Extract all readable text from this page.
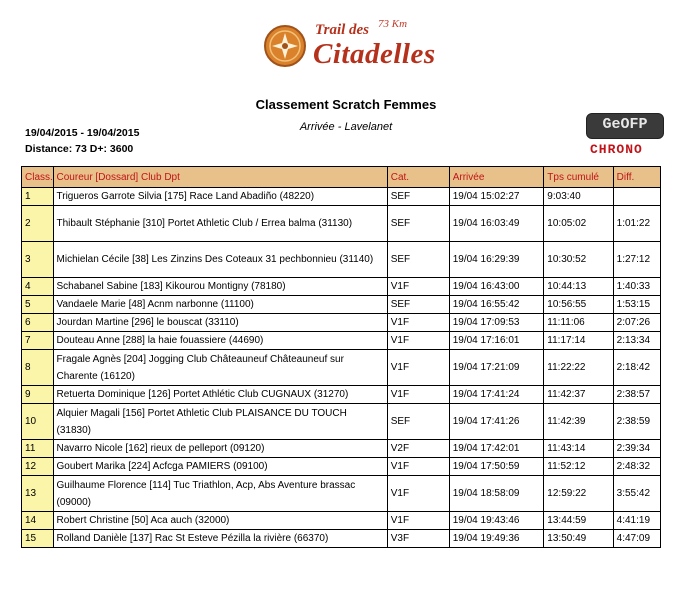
Trail des 73 Km
Citadelles
Classement Scratch Femmes
Arrivée - Lavelanet
19/04/2015 - 19/04/2015
Distance: 73 D+: 3600
GeOFP
CHRONO
Class.	Coureur [Dossard] Club Dpt	Cat.	Arrivée	Tps cumulé	Diff.
1	Trigueros Garrote Silvia [175] Race Land Abadiño (48220)	SEF	19/04 15:02:27	9:03:40	
2	Thibault Stéphanie [310] Portet Athletic Club / Errea balma (31130)	SEF	19/04 16:03:49	10:05:02	1:01:22
3	Michielan Cécile [38] Les Zinzins Des Coteaux 31 pechbonnieu (31140)	SEF	19/04 16:29:39	10:30:52	1:27:12
4	Schabanel Sabine [183] Kikourou Montigny (78180)	V1F	19/04 16:43:00	10:44:13	1:40:33
5	Vandaele Marie [48] Acnm narbonne (11100)	SEF	19/04 16:55:42	10:56:55	1:53:15
6	Jourdan Martine [296] le bouscat (33110)	V1F	19/04 17:09:53	11:11:06	2:07:26
7	Douteau Anne [288] la haie fouassiere (44690)	V1F	19/04 17:16:01	11:17:14	2:13:34
8	Fragale Agnès [204] Jogging Club Châteauneuf Châteauneuf sur Charente (16120)	V1F	19/04 17:21:09	11:22:22	2:18:42
9	Retuerta Dominique [126] Portet Athlétic Club CUGNAUX (31270)	V1F	19/04 17:41:24	11:42:37	2:38:57
10	Alquier Magali [156] Portet Athletic Club PLAISANCE DU TOUCH (31830)	SEF	19/04 17:41:26	11:42:39	2:38:59
11	Navarro Nicole [162] rieux de pelleport (09120)	V2F	19/04 17:42:01	11:43:14	2:39:34
12	Goubert Marika [224] Acfcga PAMIERS (09100)	V1F	19/04 17:50:59	11:52:12	2:48:32
13	Guilhaume Florence [114] Tuc Triathlon, Acp, Abs Aventure brassac (09000)	V1F	19/04 18:58:09	12:59:22	3:55:42
14	Robert Christine [50] Aca auch (32000)	V1F	19/04 19:43:46	13:44:59	4:41:19
15	Rolland Danièle [137] Rac St Esteve Pézilla la rivière (66370)	V3F	19/04 19:49:36	13:50:49	4:47:09
